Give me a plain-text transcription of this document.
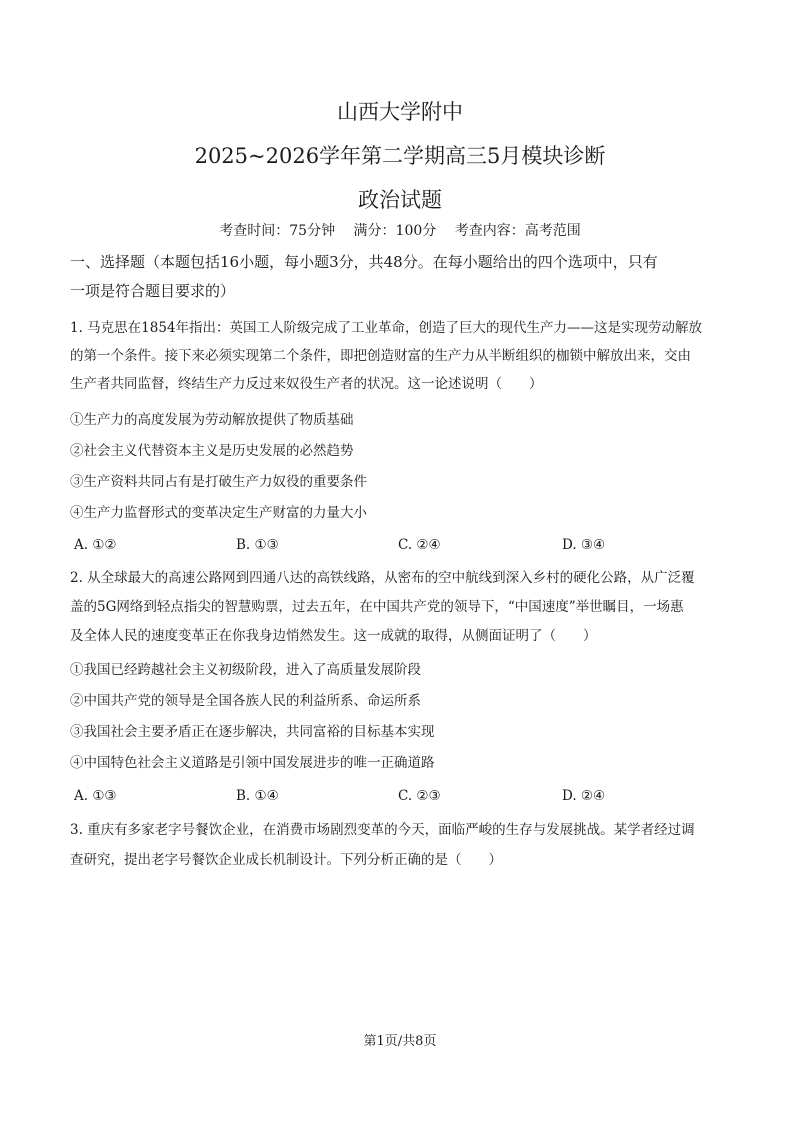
山西大学附中
2025~2026学年第二学期高三5月模块诊断
政治试题
考查时间：75分钟 满分：100分 考查内容：高考范围
一、选择题（本题包括16小题，每小题3分，共48分。在每小题给出的四个选项中，只有
一项是符合题目要求的）
1. 马克思在1854年指出：英国工人阶级完成了工业革命，创造了巨大的现代生产力——这是实现劳动解放
的第一个条件。接下来必须实现第二个条件，即把创造财富的生产力从半断组织的枷锁中解放出来，交由
生产者共同监督，终结生产力反过来奴役生产者的状况。这一论述说明（　　）
①生产力的高度发展为劳动解放提供了物质基础
②社会主义代替资本主义是历史发展的必然趋势
③生产资料共同占有是打破生产力奴役的重要条件
④生产力监督形式的变革决定生产财富的力量大小
A. ①②	B. ①③	C. ②④	D. ③④
2. 从全球最大的高速公路网到四通八达的高铁线路，从密布的空中航线到深入乡村的硬化公路，从广泛覆
盖的5G网络到轻点指尖的智慧购票，过去五年，在中国共产党的领导下，“中国速度”举世瞩目，一场惠
及全体人民的速度变革正在你我身边悄然发生。这一成就的取得，从侧面证明了（　　）
①我国已经跨越社会主义初级阶段，进入了高质量发展阶段
②中国共产党的领导是全国各族人民的利益所系、命运所系
③我国社会主要矛盾正在逐步解决，共同富裕的目标基本实现
④中国特色社会主义道路是引领中国发展进步的唯一正确道路
A. ①③	B. ①④	C. ②③	D. ②④
3. 重庆有多家老字号餐饮企业，在消费市场剧烈变革的今天，面临严峻的生存与发展挑战。某学者经过调
查研究，提出老字号餐饮企业成长机制设计。下列分析正确的是（　　）
第1页/共8页
